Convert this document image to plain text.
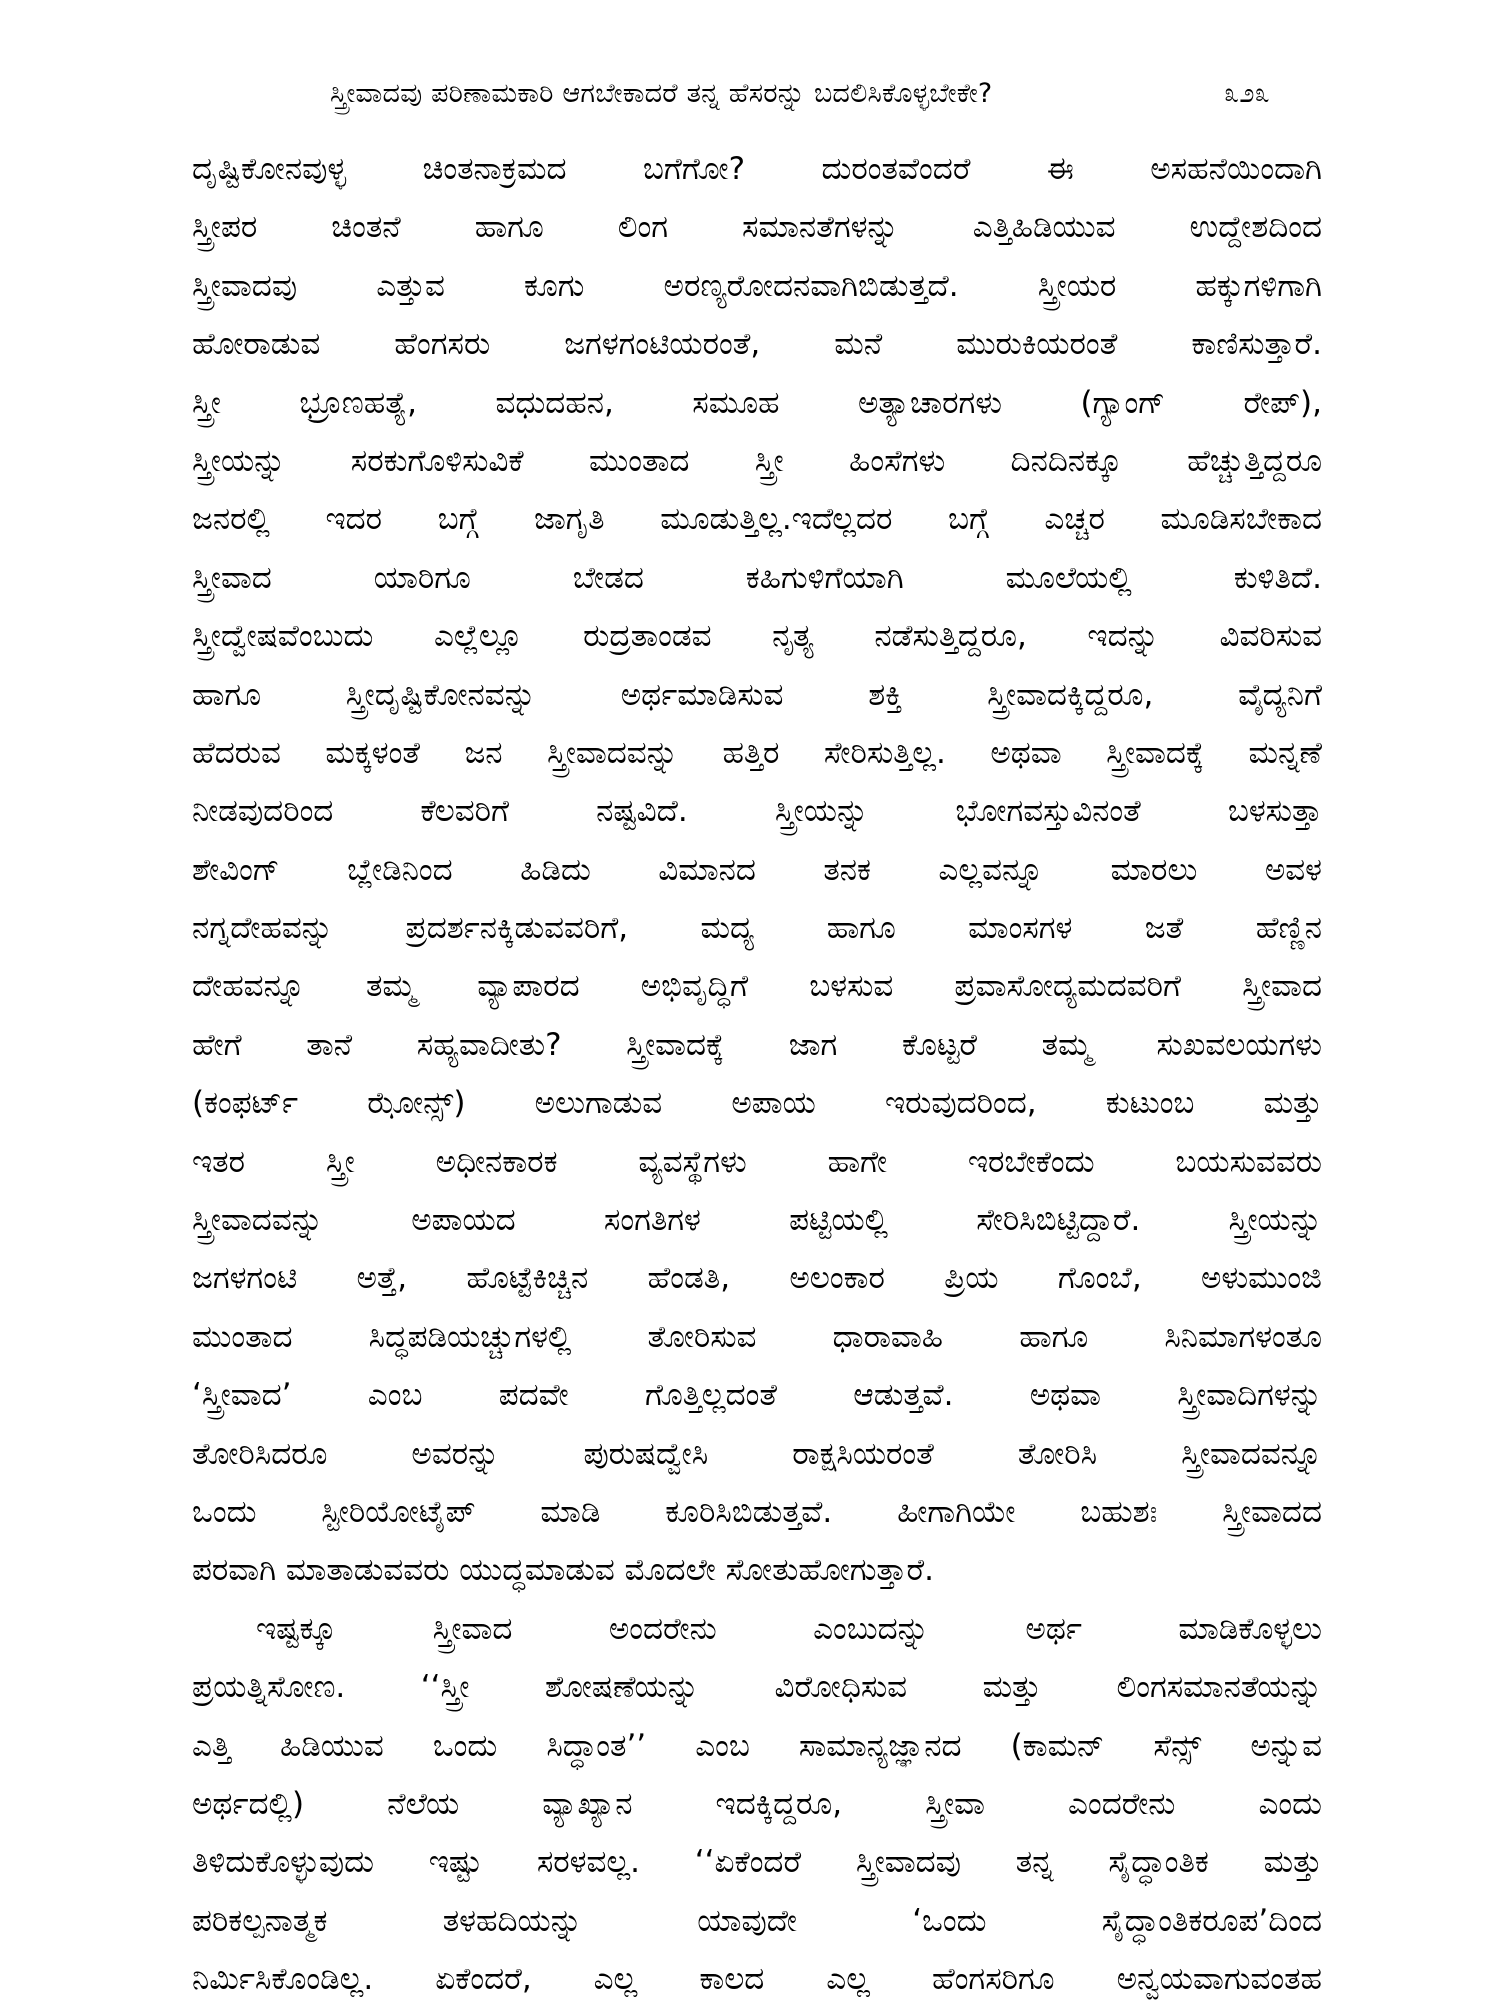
ಸ್ತ್ರೀವಾದವು ಪರಿಣಾಮಕಾರಿ ಆಗಬೇಕಾದರೆ ತನ್ನ ಹೆಸರನ್ನು ಬದಲಿಸಿಕೊಳ್ಳಬೇಕೇ?	೩೨೩
ದೃಷ್ಟಿಕೋನವುಳ್ಳ ಚಿಂತನಾಕ್ರಮದ ಬಗೆಗೋ? ದುರಂತವೆಂದರೆ ಈ ಅಸಹನೆಯಿಂದಾಗಿ
ಸ್ತ್ರೀಪರ ಚಿಂತನೆ ಹಾಗೂ ಲಿಂಗ ಸಮಾನತೆಗಳನ್ನು ಎತ್ತಿಹಿಡಿಯುವ ಉದ್ದೇಶದಿಂದ
ಸ್ತ್ರೀವಾದವು ಎತ್ತುವ ಕೂಗು ಅರಣ್ಯರೋದನವಾಗಿಬಿಡುತ್ತದೆ. ಸ್ತ್ರೀಯರ ಹಕ್ಕುಗಳಿಗಾಗಿ
ಹೋರಾಡುವ ಹೆಂಗಸರು ಜಗಳಗಂಟಿಯರಂತೆ, ಮನೆ ಮುರುಕಿಯರಂತೆ ಕಾಣಿಸುತ್ತಾರೆ.
ಸ್ತ್ರೀ ಭ್ರೂಣಹತ್ಯೆ, ವಧುದಹನ, ಸಮೂಹ ಅತ್ಯಾಚಾರಗಳು (ಗ್ಯಾಂಗ್ ರೇಪ್),
ಸ್ತ್ರೀಯನ್ನು ಸರಕುಗೊಳಿಸುವಿಕೆ ಮುಂತಾದ ಸ್ತ್ರೀ ಹಿಂಸೆಗಳು ದಿನದಿನಕ್ಕೂ ಹೆಚ್ಚುತ್ತಿದ್ದರೂ
ಜನರಲ್ಲಿ ಇದರ ಬಗ್ಗೆ ಜಾಗೃತಿ ಮೂಡುತ್ತಿಲ್ಲ.ಇದೆಲ್ಲದರ ಬಗ್ಗೆ ಎಚ್ಚರ ಮೂಡಿಸಬೇಕಾದ
ಸ್ತ್ರೀವಾದ ಯಾರಿಗೂ ಬೇಡದ ಕಹಿಗುಳಿಗೆಯಾಗಿ ಮೂಲೆಯಲ್ಲಿ ಕುಳಿತಿದೆ.
ಸ್ತ್ರೀದ್ವೇಷವೆಂಬುದು ಎಲ್ಲೆಲ್ಲೂ ರುದ್ರತಾಂಡವ ನೃತ್ಯ ನಡೆಸುತ್ತಿದ್ದರೂ, ಇದನ್ನು ವಿವರಿಸುವ
ಹಾಗೂ ಸ್ತ್ರೀದೃಷ್ಟಿಕೋನವನ್ನು ಅರ್ಥಮಾಡಿಸುವ ಶಕ್ತಿ ಸ್ತ್ರೀವಾದಕ್ಕಿದ್ದರೂ, ವೈದ್ಯನಿಗೆ
ಹೆದರುವ ಮಕ್ಕಳಂತೆ ಜನ ಸ್ತ್ರೀವಾದವನ್ನು ಹತ್ತಿರ ಸೇರಿಸುತ್ತಿಲ್ಲ. ಅಥವಾ ಸ್ತ್ರೀವಾದಕ್ಕೆ ಮನ್ನಣೆ
ನೀಡವುದರಿಂದ ಕೆಲವರಿಗೆ ನಷ್ಟವಿದೆ. ಸ್ತ್ರೀಯನ್ನು ಭೋಗವಸ್ತುವಿನಂತೆ ಬಳಸುತ್ತಾ
ಶೇವಿಂಗ್ ಬ್ಲೇಡಿನಿಂದ ಹಿಡಿದು ವಿಮಾನದ ತನಕ ಎಲ್ಲವನ್ನೂ ಮಾರಲು ಅವಳ
ನಗ್ನದೇಹವನ್ನು ಪ್ರದರ್ಶನಕ್ಕಿಡುವವರಿಗೆ, ಮದ್ಯ ಹಾಗೂ ಮಾಂಸಗಳ ಜತೆ ಹೆಣ್ಣಿನ
ದೇಹವನ್ನೂ ತಮ್ಮ ವ್ಯಾಪಾರದ ಅಭಿವೃದ್ಧಿಗೆ ಬಳಸುವ ಪ್ರವಾಸೋದ್ಯಮದವರಿಗೆ ಸ್ತ್ರೀವಾದ
ಹೇಗೆ ತಾನೆ ಸಹ್ಯವಾದೀತು? ಸ್ತ್ರೀವಾದಕ್ಕೆ ಜಾಗ ಕೊಟ್ಟರೆ ತಮ್ಮ ಸುಖವಲಯಗಳು
(ಕಂಫರ್ಟ್ ಝೋನ್ಸ್) ಅಲುಗಾಡುವ ಅಪಾಯ ಇರುವುದರಿಂದ, ಕುಟುಂಬ ಮತ್ತು
ಇತರ ಸ್ತ್ರೀ ಅಧೀನಕಾರಕ ವ್ಯವಸ್ಥೆಗಳು ಹಾಗೇ ಇರಬೇಕೆಂದು ಬಯಸುವವರು
ಸ್ತ್ರೀವಾದವನ್ನು ಅಪಾಯದ ಸಂಗತಿಗಳ ಪಟ್ಟಿಯಲ್ಲಿ ಸೇರಿಸಿಬಿಟ್ಟಿದ್ದಾರೆ. ಸ್ತ್ರೀಯನ್ನು
ಜಗಳಗಂಟಿ ಅತ್ತೆ, ಹೊಟ್ಟೆಕಿಚ್ಚಿನ ಹೆಂಡತಿ, ಅಲಂಕಾರ ಪ್ರಿಯ ಗೊಂಬೆ, ಅಳುಮುಂಜಿ
ಮುಂತಾದ ಸಿದ್ಧಪಡಿಯಚ್ಚುಗಳಲ್ಲಿ ತೋರಿಸುವ ಧಾರಾವಾಹಿ ಹಾಗೂ ಸಿನಿಮಾಗಳಂತೂ
‘ಸ್ತ್ರೀವಾದ’ ಎಂಬ ಪದವೇ ಗೊತ್ತಿಲ್ಲದಂತೆ ಆಡುತ್ತವೆ. ಅಥವಾ ಸ್ತ್ರೀವಾದಿಗಳನ್ನು
ತೋರಿಸಿದರೂ ಅವರನ್ನು ಪುರುಷದ್ವೇಸಿ ರಾಕ್ಷಸಿಯರಂತೆ ತೋರಿಸಿ ಸ್ತ್ರೀವಾದವನ್ನೂ
ಒಂದು ಸ್ಟೀರಿಯೋಟೈಪ್ ಮಾಡಿ ಕೂರಿಸಿಬಿಡುತ್ತವೆ. ಹೀಗಾಗಿಯೇ ಬಹುಶಃ ಸ್ತ್ರೀವಾದದ
ಪರವಾಗಿ ಮಾತಾಡುವವರು ಯುದ್ಧಮಾಡುವ ಮೊದಲೇ ಸೋತುಹೋಗುತ್ತಾರೆ.
ಇಷ್ಟಕ್ಕೂ ಸ್ತ್ರೀವಾದ ಅಂದರೇನು ಎಂಬುದನ್ನು ಅರ್ಥ ಮಾಡಿಕೊಳ್ಳಲು
ಪ್ರಯತ್ನಿಸೋಣ. ‘‘ಸ್ತ್ರೀ ಶೋಷಣೆಯನ್ನು ವಿರೋಧಿಸುವ ಮತ್ತು ಲಿಂಗಸಮಾನತೆಯನ್ನು
ಎತ್ತಿ ಹಿಡಿಯುವ ಒಂದು ಸಿದ್ಧಾಂತ’’ ಎಂಬ ಸಾಮಾನ್ಯಜ್ಞಾನದ (ಕಾಮನ್ ಸೆನ್ಸ್ ಅನ್ನುವ
ಅರ್ಥದಲ್ಲಿ) ನೆಲೆಯ ವ್ಯಾಖ್ಯಾನ ಇದಕ್ಕಿದ್ದರೂ, ಸ್ತ್ರೀವಾ ಎಂದರೇನು ಎಂದು
ತಿಳಿದುಕೊಳ್ಳುವುದು ಇಷ್ಟು ಸರಳವಲ್ಲ. ‘‘ಏಕೆಂದರೆ ಸ್ತ್ರೀವಾದವು ತನ್ನ ಸೈದ್ಧಾಂತಿಕ ಮತ್ತು
ಪರಿಕಲ್ಪನಾತ್ಮಕ ತಳಹದಿಯನ್ನು ಯಾವುದೇ ‘ಒಂದು ಸೈದ್ಧಾಂತಿಕರೂಪ’ದಿಂದ
ನಿರ್ಮಿಸಿಕೊಂಡಿಲ್ಲ. ಏಕೆಂದರೆ, ಎಲ್ಲ ಕಾಲದ ಎಲ್ಲ ಹೆಂಗಸರಿಗೂ ಅನ್ವಯವಾಗುವಂತಹ
